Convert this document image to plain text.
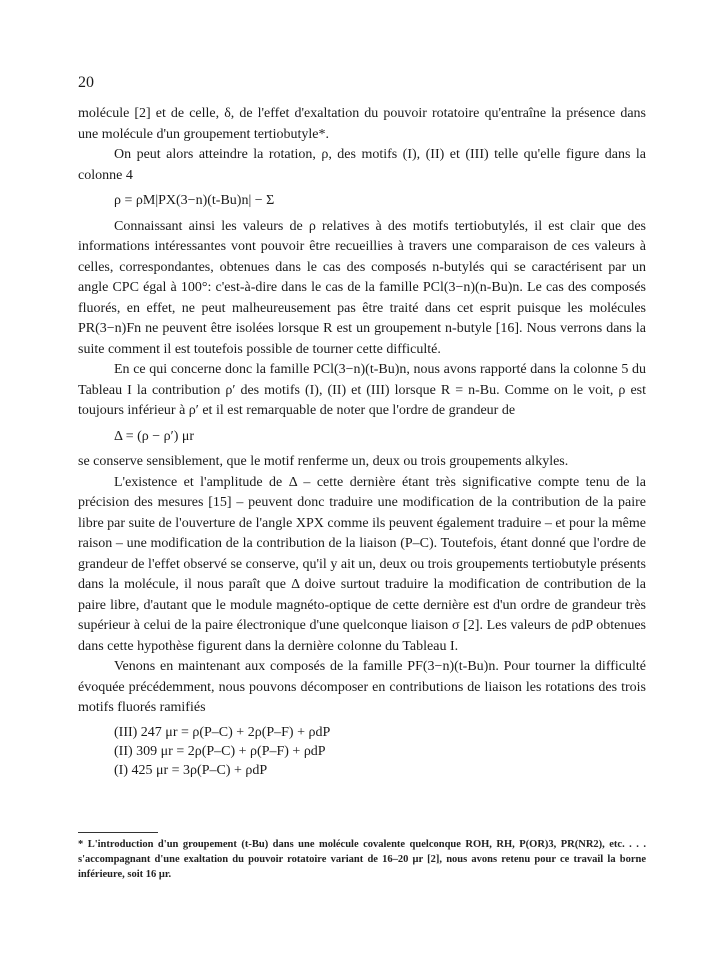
20

molécule [2] et de celle, δ, de l'effet d'exaltation du pouvoir rotatoire qu'entraîne la présence dans une molécule d'un groupement tertiobutyle*.

On peut alors atteindre la rotation, ρ, des motifs (I), (II) et (III) telle qu'elle figure dans la colonne 4

ρ = ρM|PX(3−n)(t-Bu)n| − Σ

Connaissant ainsi les valeurs de ρ relatives à des motifs tertiobutylés, il est clair que des informations intéressantes vont pouvoir être recueillies à travers une comparaison de ces valeurs à celles, correspondantes, obtenues dans le cas des composés n-butylés qui se caractérisent par un angle CPC égal à 100°: c'est-à-dire dans le cas de la famille PCl(3−n)(n-Bu)n. Le cas des composés fluorés, en effet, ne peut malheureusement pas être traité dans cet esprit puisque les molécules PR(3−n)Fn ne peuvent être isolées lorsque R est un groupement n-butyle [16]. Nous verrons dans la suite comment il est toutefois possible de tourner cette difficulté.

En ce qui concerne donc la famille PCl(3−n)(t-Bu)n, nous avons rapporté dans la colonne 5 du Tableau I la contribution ρ′ des motifs (I), (II) et (III) lorsque R = n-Bu. Comme on le voit, ρ est toujours inférieur à ρ′ et il est remarquable de noter que l'ordre de grandeur de

Δ = (ρ − ρ′) μr

se conserve sensiblement, que le motif renferme un, deux ou trois groupements alkyles.

L'existence et l'amplitude de Δ – cette dernière étant très significative compte tenu de la précision des mesures [15] – peuvent donc traduire une modification de la contribution de la paire libre par suite de l'ouverture de l'angle XPX comme ils peuvent également traduire – et pour la même raison – une modification de la contribution de la liaison (P–C). Toutefois, étant donné que l'ordre de grandeur de l'effet observé se conserve, qu'il y ait un, deux ou trois groupements tertiobutyle présents dans la molécule, il nous paraît que Δ doive surtout traduire la modification de contribution de la paire libre, d'autant que le module magnéto-optique de cette dernière est d'un ordre de grandeur très supérieur à celui de la paire électronique d'une quelconque liaison σ [2]. Les valeurs de ρdP obtenues dans cette hypothèse figurent dans la dernière colonne du Tableau I.

Venons en maintenant aux composés de la famille PF(3−n)(t-Bu)n. Pour tourner la difficulté évoquée précédemment, nous pouvons décomposer en contributions de liaison les rotations des trois motifs fluorés ramifiés

(III) 247 μr = ρ(P–C) + 2ρ(P–F) + ρdP
(II) 309 μr = 2ρ(P–C) + ρ(P–F) + ρdP
(I) 425 μr = 3ρ(P–C) + ρdP

* L'introduction d'un groupement (t-Bu) dans une molécule covalente quelconque ROH, RH, P(OR)3, PR(NR2), etc. . . . s'accompagnant d'une exaltation du pouvoir rotatoire variant de 16–20 μr [2], nous avons retenu pour ce travail la borne inférieure, soit 16 μr.
